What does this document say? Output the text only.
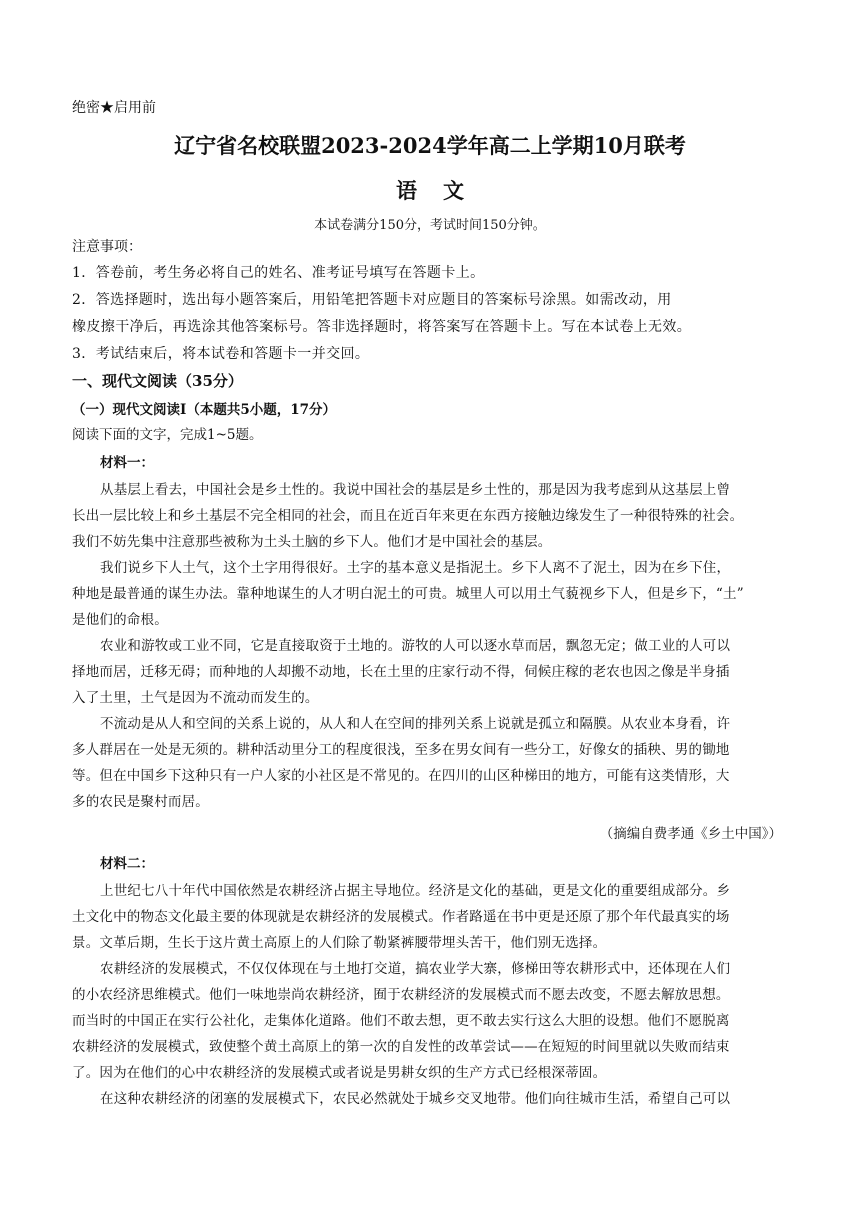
绝密★启用前
辽宁省名校联盟2023-2024学年高二上学期10月联考
语文
本试卷满分150分，考试时间150分钟。
注意事项：
1．答卷前，考生务必将自己的姓名、准考证号填写在答题卡上。
2．答选择题时，选出每小题答案后，用铅笔把答题卡对应题目的答案标号涂黑。如需改动，用
橡皮擦干净后，再选涂其他答案标号。答非选择题时，将答案写在答题卡上。写在本试卷上无效。
3．考试结束后，将本试卷和答题卡一并交回。
一、现代文阅读（35分）
（一）现代文阅读Ⅰ（本题共5小题，17分）
阅读下面的文字，完成1~5题。
材料一：
从基层上看去，中国社会是乡土性的。我说中国社会的基层是乡土性的，那是因为我考虑到从这基层上曾
长出一层比较上和乡土基层不完全相同的社会，而且在近百年来更在东西方接触边缘发生了一种很特殊的社会。
我们不妨先集中注意那些被称为土头土脑的乡下人。他们才是中国社会的基层。
我们说乡下人土气，这个土字用得很好。土字的基本意义是指泥土。乡下人离不了泥土，因为在乡下住，
种地是最普通的谋生办法。靠种地谋生的人才明白泥土的可贵。城里人可以用土气藐视乡下人，但是乡下，“土”
是他们的命根。
农业和游牧或工业不同，它是直接取资于土地的。游牧的人可以逐水草而居，飘忽无定；做工业的人可以
择地而居，迁移无碍；而种地的人却搬不动地，长在土里的庄家行动不得，伺候庄稼的老农也因之像是半身插
入了土里，土气是因为不流动而发生的。
不流动是从人和空间的关系上说的，从人和人在空间的排列关系上说就是孤立和隔膜。从农业本身看，许
多人群居在一处是无须的。耕种活动里分工的程度很浅，至多在男女间有一些分工，好像女的插秧、男的锄地
等。但在中国乡下这种只有一户人家的小社区是不常见的。在四川的山区种梯田的地方，可能有这类情形，大
多的农民是聚村而居。
（摘编自费孝通《乡土中国》）
材料二：
上世纪七八十年代中国依然是农耕经济占据主导地位。经济是文化的基础，更是文化的重要组成部分。乡
土文化中的物态文化最主要的体现就是农耕经济的发展模式。作者路遥在书中更是还原了那个年代最真实的场
景。文革后期，生长于这片黄土高原上的人们除了勒紧裤腰带埋头苦干，他们别无选择。
农耕经济的发展模式，不仅仅体现在与土地打交道，搞农业学大寨，修梯田等农耕形式中，还体现在人们
的小农经济思维模式。他们一味地崇尚农耕经济，囿于农耕经济的发展模式而不愿去改变，不愿去解放思想。
而当时的中国正在实行公社化，走集体化道路。他们不敢去想，更不敢去实行这么大胆的设想。他们不愿脱离
农耕经济的发展模式，致使整个黄土高原上的第一次的自发性的改革尝试——在短短的时间里就以失败而结束
了。因为在他们的心中农耕经济的发展模式或者说是男耕女织的生产方式已经根深蒂固。
在这种农耕经济的闭塞的发展模式下，农民必然就处于城乡交叉地带。他们向往城市生活，希望自己可以
